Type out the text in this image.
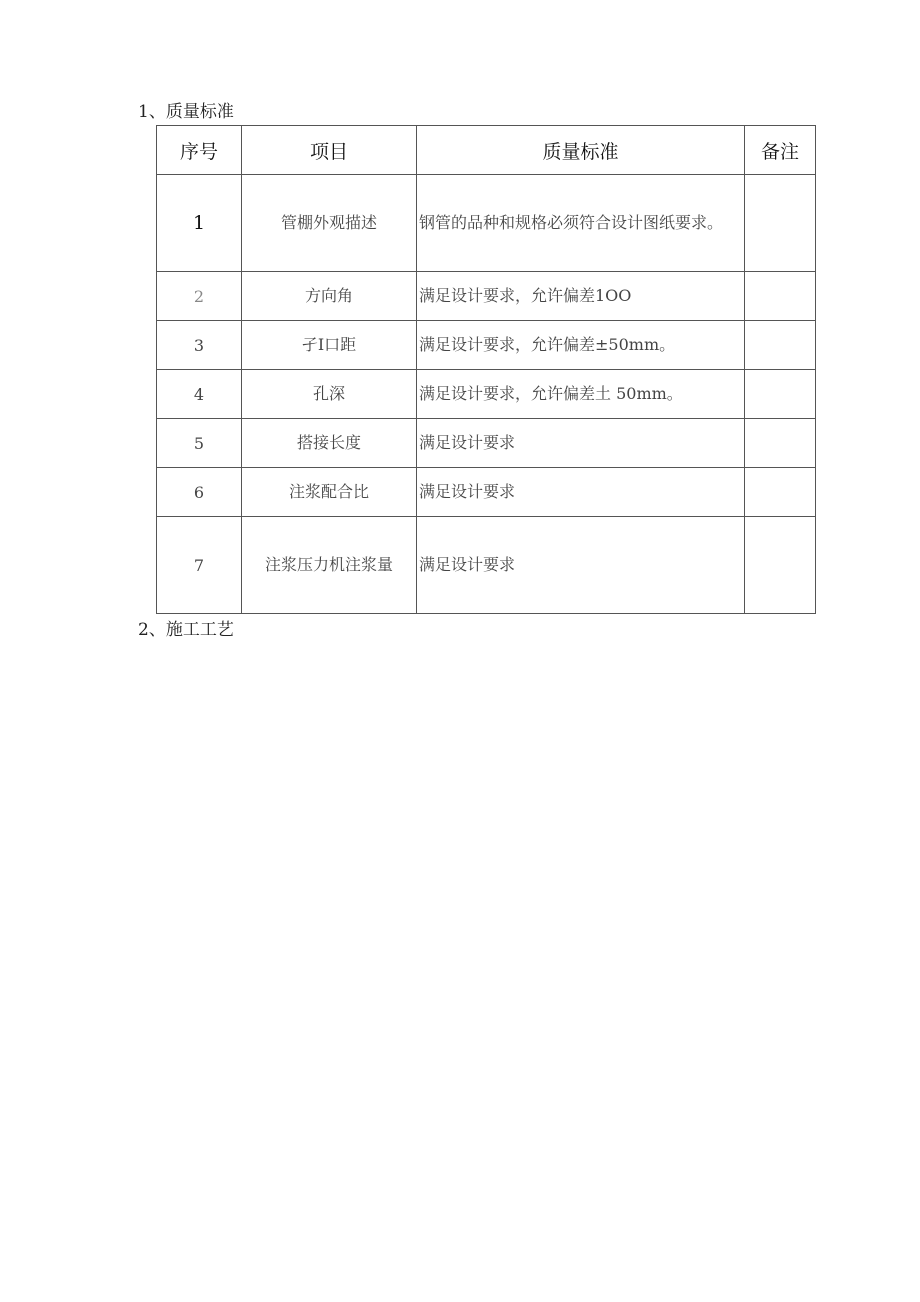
1、质量标准
序号	项目	质量标准	备注
1	管棚外观描述	钢管的品种和规格必须符合设计图纸要求。	
2	方向角	满足设计要求，允许偏差1OO	
3	孑I口距	满足设计要求，允许偏差±50mm。	
4	孔深	满足设计要求，允许偏差土 50mm。	
5	搭接长度	满足设计要求	
6	注浆配合比	满足设计要求	
7	注浆压力机注浆量	满足设计要求	
2、施工工艺
